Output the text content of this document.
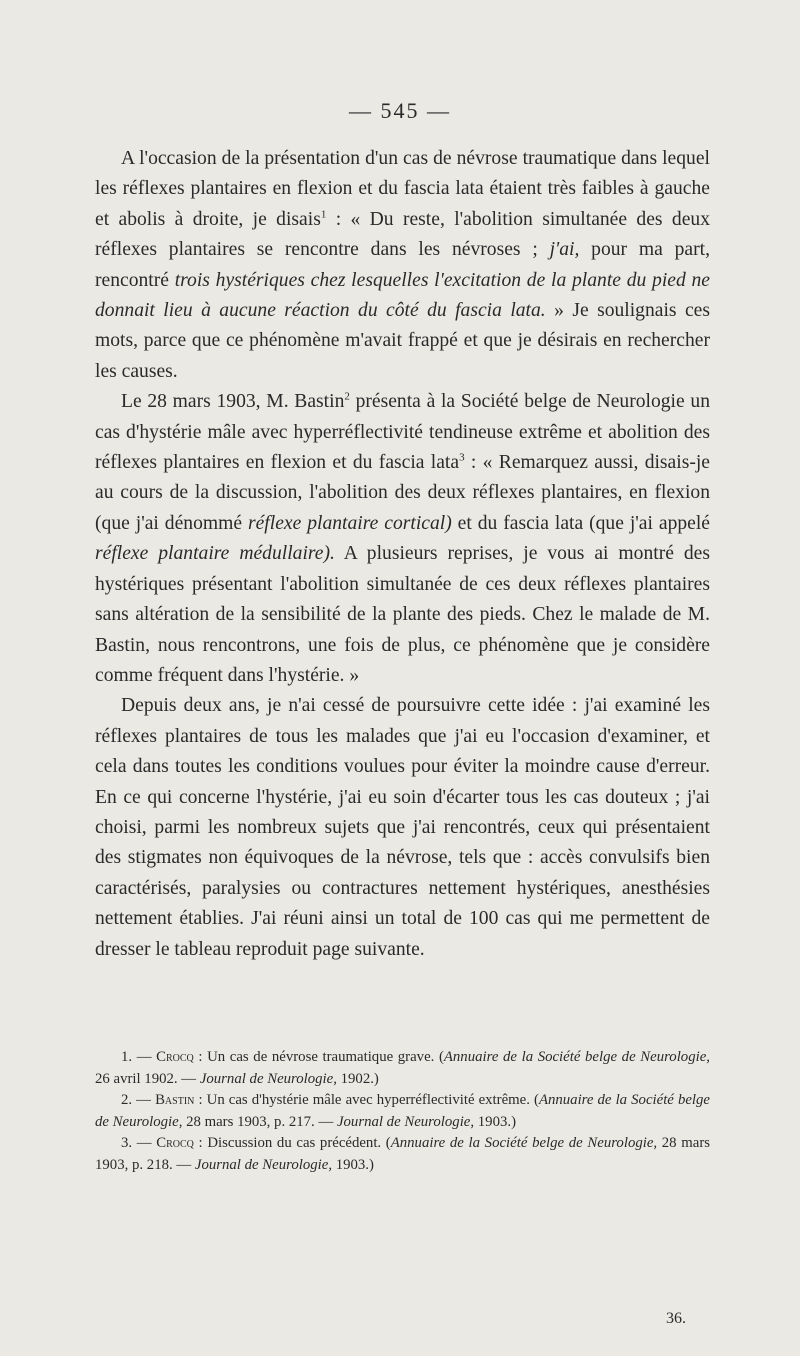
— 545 —

A l'occasion de la présentation d'un cas de névrose traumatique dans lequel les réflexes plantaires en flexion et du fascia lata étaient très faibles à gauche et abolis à droite, je disais$^1$ : « Du reste, l'abolition simultanée des deux réflexes plantaires se rencontre dans les névroses ; j'ai, pour ma part, rencontré trois hystériques chez lesquelles l'excitation de la plante du pied ne donnait lieu à aucune réaction du côté du fascia lata. » Je soulignais ces mots, parce que ce phénomène m'avait frappé et que je désirais en rechercher les causes.

Le 28 mars 1903, M. Bastin$^2$ présenta à la Société belge de Neurologie un cas d'hystérie mâle avec hyperréflectivité tendineuse extrême et abolition des réflexes plantaires en flexion et du fascia lata$^3$ : « Remarquez aussi, disais-je au cours de la discussion, l'abolition des deux réflexes plantaires, en flexion (que j'ai dénommé réflexe plantaire cortical) et du fascia lata (que j'ai appelé réflexe plantaire médullaire). A plusieurs reprises, je vous ai montré des hystériques présentant l'abolition simultanée de ces deux réflexes plantaires sans altération de la sensibilité de la plante des pieds. Chez le malade de M. Bastin, nous rencontrons, une fois de plus, ce phénomène que je considère comme fréquent dans l'hystérie. »

Depuis deux ans, je n'ai cessé de poursuivre cette idée : j'ai examiné les réflexes plantaires de tous les malades que j'ai eu l'occasion d'examiner, et cela dans toutes les conditions voulues pour éviter la moindre cause d'erreur. En ce qui concerne l'hystérie, j'ai eu soin d'écarter tous les cas douteux ; j'ai choisi, parmi les nombreux sujets que j'ai rencontrés, ceux qui présentaient des stigmates non équivoques de la névrose, tels que : accès convulsifs bien caractérisés, paralysies ou contractures nettement hystériques, anesthésies nettement établies. J'ai réuni ainsi un total de 100 cas qui me permettent de dresser le tableau reproduit page suivante.

1. — Crocq : Un cas de névrose traumatique grave. (Annuaire de la Société belge de Neurologie, 26 avril 1902. — Journal de Neurologie, 1902.)

2. — Bastin : Un cas d'hystérie mâle avec hyperréflectivité extrême. (Annuaire de la Société belge de Neurologie, 28 mars 1903, p. 217. — Journal de Neurologie, 1903.)

3. — Crocq : Discussion du cas précédent. (Annuaire de la Société belge de Neurologie, 28 mars 1903, p. 218. — Journal de Neurologie, 1903.)

36.
